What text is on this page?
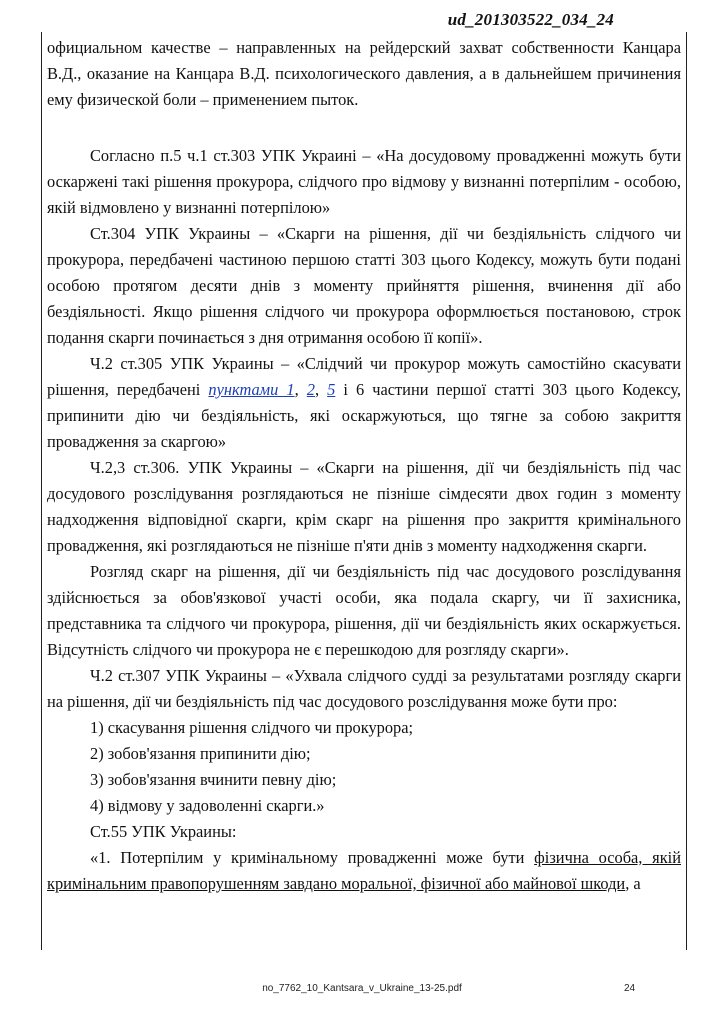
ud_201303522_034_24

официальном качестве – направленных на рейдерский захват собственности Канцара В.Д., оказание на Канцара В.Д. психологического давления, а в дальнейшем причинения ему физической боли – применением пыток.

Согласно п.5 ч.1 ст.303 УПК Украині – «На досудовому провадженні можуть бути оскаржені такі рішення прокурора, слідчого про відмову у визнанні потерпілим - особою, якій відмовлено у визнанні потерпілою»

Ст.304 УПК Украины – «Скарги на рішення, дії чи бездіяльність слідчого чи прокурора, передбачені частиною першою статті 303 цього Кодексу, можуть бути подані особою протягом десяти днів з моменту прийняття рішення, вчинення дії або бездіяльності. Якщо рішення слідчого чи прокурора оформлюється постановою, строк подання скарги починається з дня отримання особою її копії».

Ч.2 ст.305 УПК Украины – «Слідчий чи прокурор можуть самостійно скасувати рішення, передбачені пунктами 1, 2, 5 і 6 частини першої статті 303 цього Кодексу, припинити дію чи бездіяльність, які оскаржуються, що тягне за собою закриття провадження за скаргою»

Ч.2,3 ст.306. УПК Украины – «Скарги на рішення, дії чи бездіяльність під час досудового розслідування розглядаються не пізніше сімдесяти двох годин з моменту надходження відповідної скарги, крім скарг на рішення про закриття кримінального провадження, які розглядаються не пізніше п'яти днів з моменту надходження скарги.

Розгляд скарг на рішення, дії чи бездіяльність під час досудового розслідування здійснюється за обов'язкової участі особи, яка подала скаргу, чи її захисника, представника та слідчого чи прокурора, рішення, дії чи бездіяльність яких оскаржується. Відсутність слідчого чи прокурора не є перешкодою для розгляду скарги».

Ч.2 ст.307 УПК Украины – «Ухвала слідчого судді за результатами розгляду скарги на рішення, дії чи бездіяльність під час досудового розслідування може бути про:

1) скасування рішення слідчого чи прокурора;

2) зобов'язання припинити дію;

3) зобов'язання вчинити певну дію;

4) відмову у задоволенні скарги.»

Ст.55 УПК Украины:

«1. Потерпілим у кримінальному провадженні може бути фізична особа, якій кримінальним правопорушенням завдано моральної, фізичної або майнової шкоди, а

no_7762_10_Kantsara_v_Ukraine_13-25.pdf	24
